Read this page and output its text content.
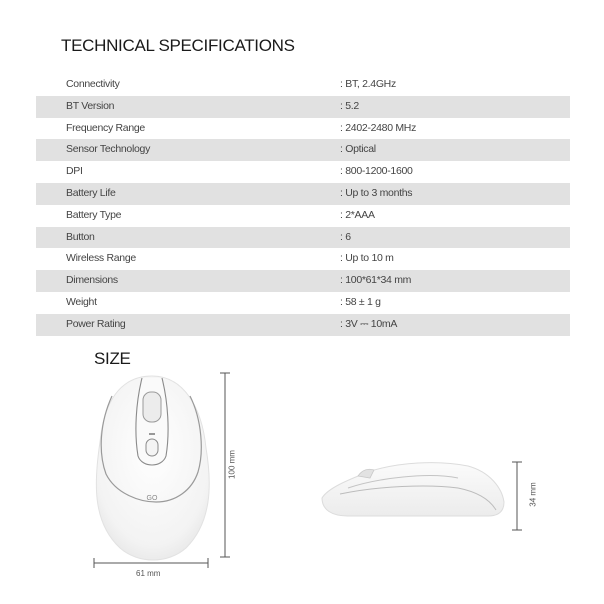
TECHNICAL SPECIFICATIONS
Connectivity	: BT, 2.4GHz
BT Version	: 5.2
Frequency Range	: 2402-2480 MHz
Sensor Technology	: Optical
DPI	: 800-1200-1600
Battery Life	: Up to 3 months
Battery Type	: 2*AAA
Button	: 6
Wireless Range	: Up to 10 m
Dimensions	: 100*61*34 mm
Weight	: 58 ± 1 g
Power Rating	: 3V ⎓ 10mA
SIZE
GO
100 mm
61 mm
34 mm
